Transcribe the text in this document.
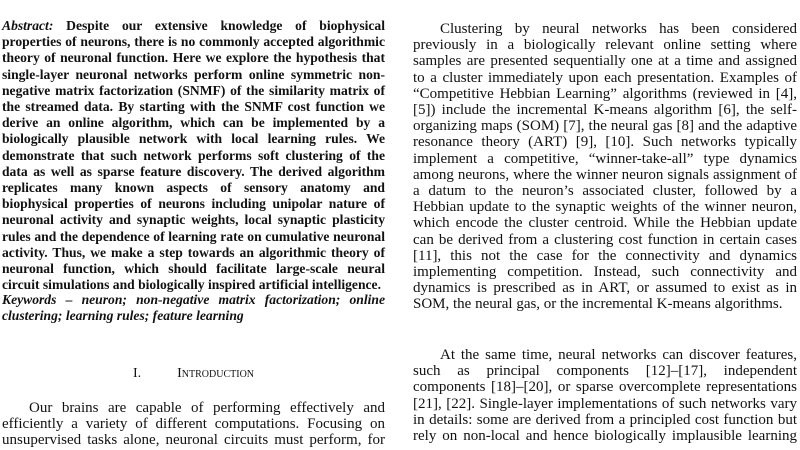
Abstract: Despite our extensive knowledge of biophysical
properties of neurons, there is no commonly accepted algorithmic
theory of neuronal function. Here we explore the hypothesis that
single-layer neuronal networks perform online symmetric non-
negative matrix factorization (SNMF) of the similarity matrix of
the streamed data. By starting with the SNMF cost function we
derive an online algorithm, which can be implemented by a
biologically plausible network with local learning rules. We
demonstrate that such network performs soft clustering of the
data as well as sparse feature discovery. The derived algorithm
replicates many known aspects of sensory anatomy and
biophysical properties of neurons including unipolar nature of
neuronal activity and synaptic weights, local synaptic plasticity
rules and the dependence of learning rate on cumulative neuronal
activity. Thus, we make a step towards an algorithmic theory of
neuronal function, which should facilitate large-scale neural
circuit simulations and biologically inspired artificial intelligence.
Keywords – neuron; non-negative matrix factorization; online
clustering; learning rules; feature learning
I.	Introduction
Our brains are capable of performing effectively and
efficiently a variety of different computations. Focusing on
unsupervised tasks alone, neuronal circuits must perform, for
Clustering by neural networks has been considered
previously in a biologically relevant online setting where
samples are presented sequentially one at a time and assigned
to a cluster immediately upon each presentation. Examples of
“Competitive Hebbian Learning” algorithms (reviewed in [4],
[5]) include the incremental K-means algorithm [6], the self-
organizing maps (SOM) [7], the neural gas [8] and the adaptive
resonance theory (ART) [9], [10]. Such networks typically
implement a competitive, “winner-take-all” type dynamics
among neurons, where the winner neuron signals assignment of
a datum to the neuron’s associated cluster, followed by a
Hebbian update to the synaptic weights of the winner neuron,
which encode the cluster centroid. While the Hebbian update
can be derived from a clustering cost function in certain cases
[11], this not the case for the connectivity and dynamics
implementing competition. Instead, such connectivity and
dynamics is prescribed as in ART, or assumed to exist as in
SOM, the neural gas, or the incremental K-means algorithms.
At the same time, neural networks can discover features,
such as principal components [12]–[17], independent
components [18]–[20], or sparse overcomplete representations
[21], [22]. Single-layer implementations of such networks vary
in details: some are derived from a principled cost function but
rely on non-local and hence biologically implausible learning
